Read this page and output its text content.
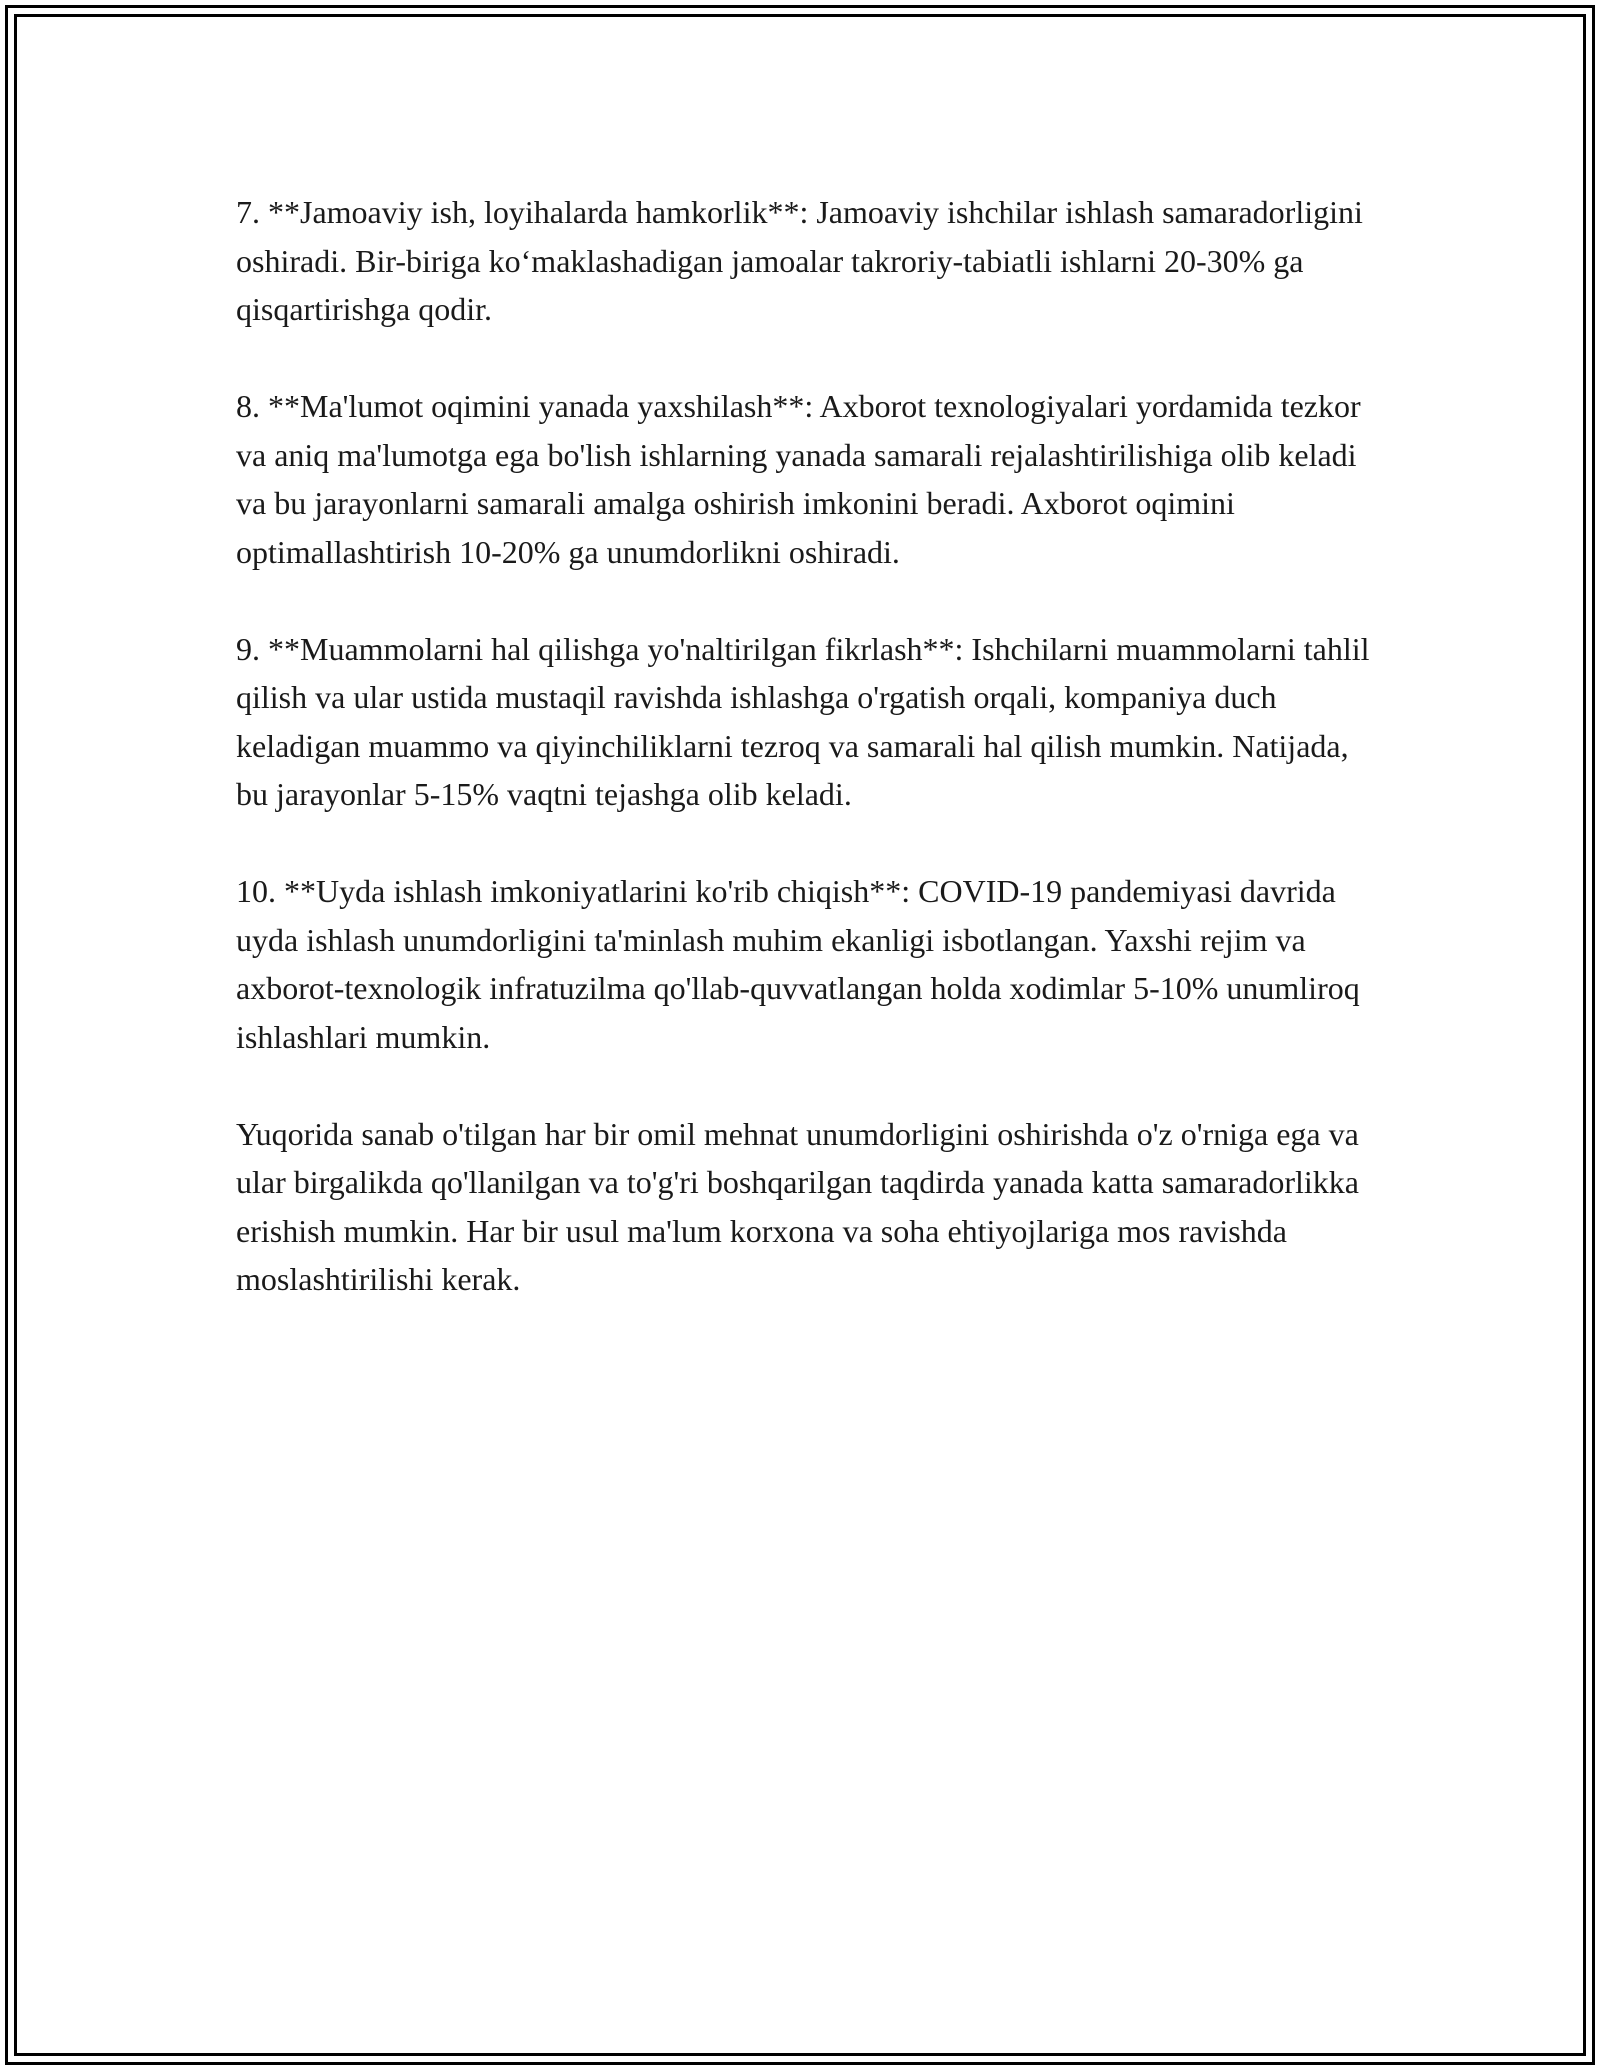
7. **Jamoaviy ish, loyihalarda hamkorlik**: Jamoaviy ishchilar ishlash samaradorligini oshiradi. Bir-biriga ko‘maklashadigan jamoalar takroriy-tabiatli ishlarni 20-30% ga qisqartirishga qodir.

8. **Ma'lumot oqimini yanada yaxshilash**: Axborot texnologiyalari yordamida tezkor va aniq ma'lumotga ega bo'lish ishlarning yanada samarali rejalashtirilishiga olib keladi va bu jarayonlarni samarali amalga oshirish imkonini beradi. Axborot oqimini optimallashtirish 10-20% ga unumdorlikni oshiradi.

9. **Muammolarni hal qilishga yo'naltirilgan fikrlash**: Ishchilarni muammolarni tahlil qilish va ular ustida mustaqil ravishda ishlashga o'rgatish orqali, kompaniya duch keladigan muammo va qiyinchiliklarni tezroq va samarali hal qilish mumkin. Natijada, bu jarayonlar 5-15% vaqtni tejashga olib keladi.

10. **Uyda ishlash imkoniyatlarini ko'rib chiqish**: COVID-19 pandemiyasi davrida uyda ishlash unumdorligini ta'minlash muhim ekanligi isbotlangan. Yaxshi rejim va axborot-texnologik infratuzilma qo'llab-quvvatlangan holda xodimlar 5-10% unumliroq ishlashlari mumkin.

Yuqorida sanab o'tilgan har bir omil mehnat unumdorligini oshirishda o'z o'rniga ega va ular birgalikda qo'llanilgan va to'g'ri boshqarilgan taqdirda yanada katta samaradorlikka erishish mumkin. Har bir usul ma'lum korxona va soha ehtiyojlariga mos ravishda moslashtirilishi kerak.
